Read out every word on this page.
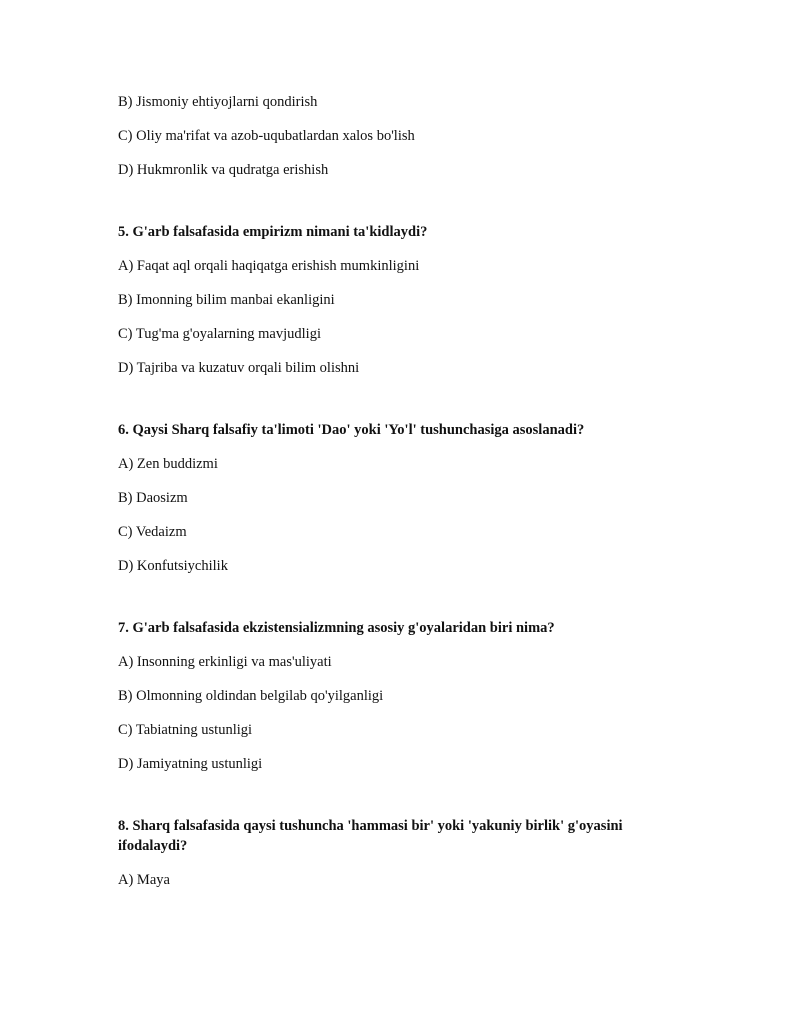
B) Jismoniy ehtiyojlarni qondirish
C) Oliy ma'rifat va azob-uqubatlardan xalos bo'lish
D) Hukmronlik va qudratga erishish
5. G'arb falsafasida empirizm nimani ta'kidlaydi?
A) Faqat aql orqali haqiqatga erishish mumkinligini
B) Imonning bilim manbai ekanligini
C) Tug'ma g'oyalarning mavjudligi
D) Tajriba va kuzatuv orqali bilim olishni
6. Qaysi Sharq falsafiy ta'limoti 'Dao' yoki 'Yo'l' tushunchasiga asoslanadi?
A) Zen buddizmi
B) Daosizm
C) Vedaizm
D) Konfutsiychilik
7. G'arb falsafasida ekzistensializmning asosiy g'oyalaridan biri nima?
A) Insonning erkinligi va mas'uliyati
B) Olmonning oldindan belgilab qo'yilganligi
C) Tabiatning ustunligi
D) Jamiyatning ustunligi
8. Sharq falsafasida qaysi tushuncha 'hammasi bir' yoki 'yakuniy birlik' g'oyasini ifodalaydi?
A) Maya
